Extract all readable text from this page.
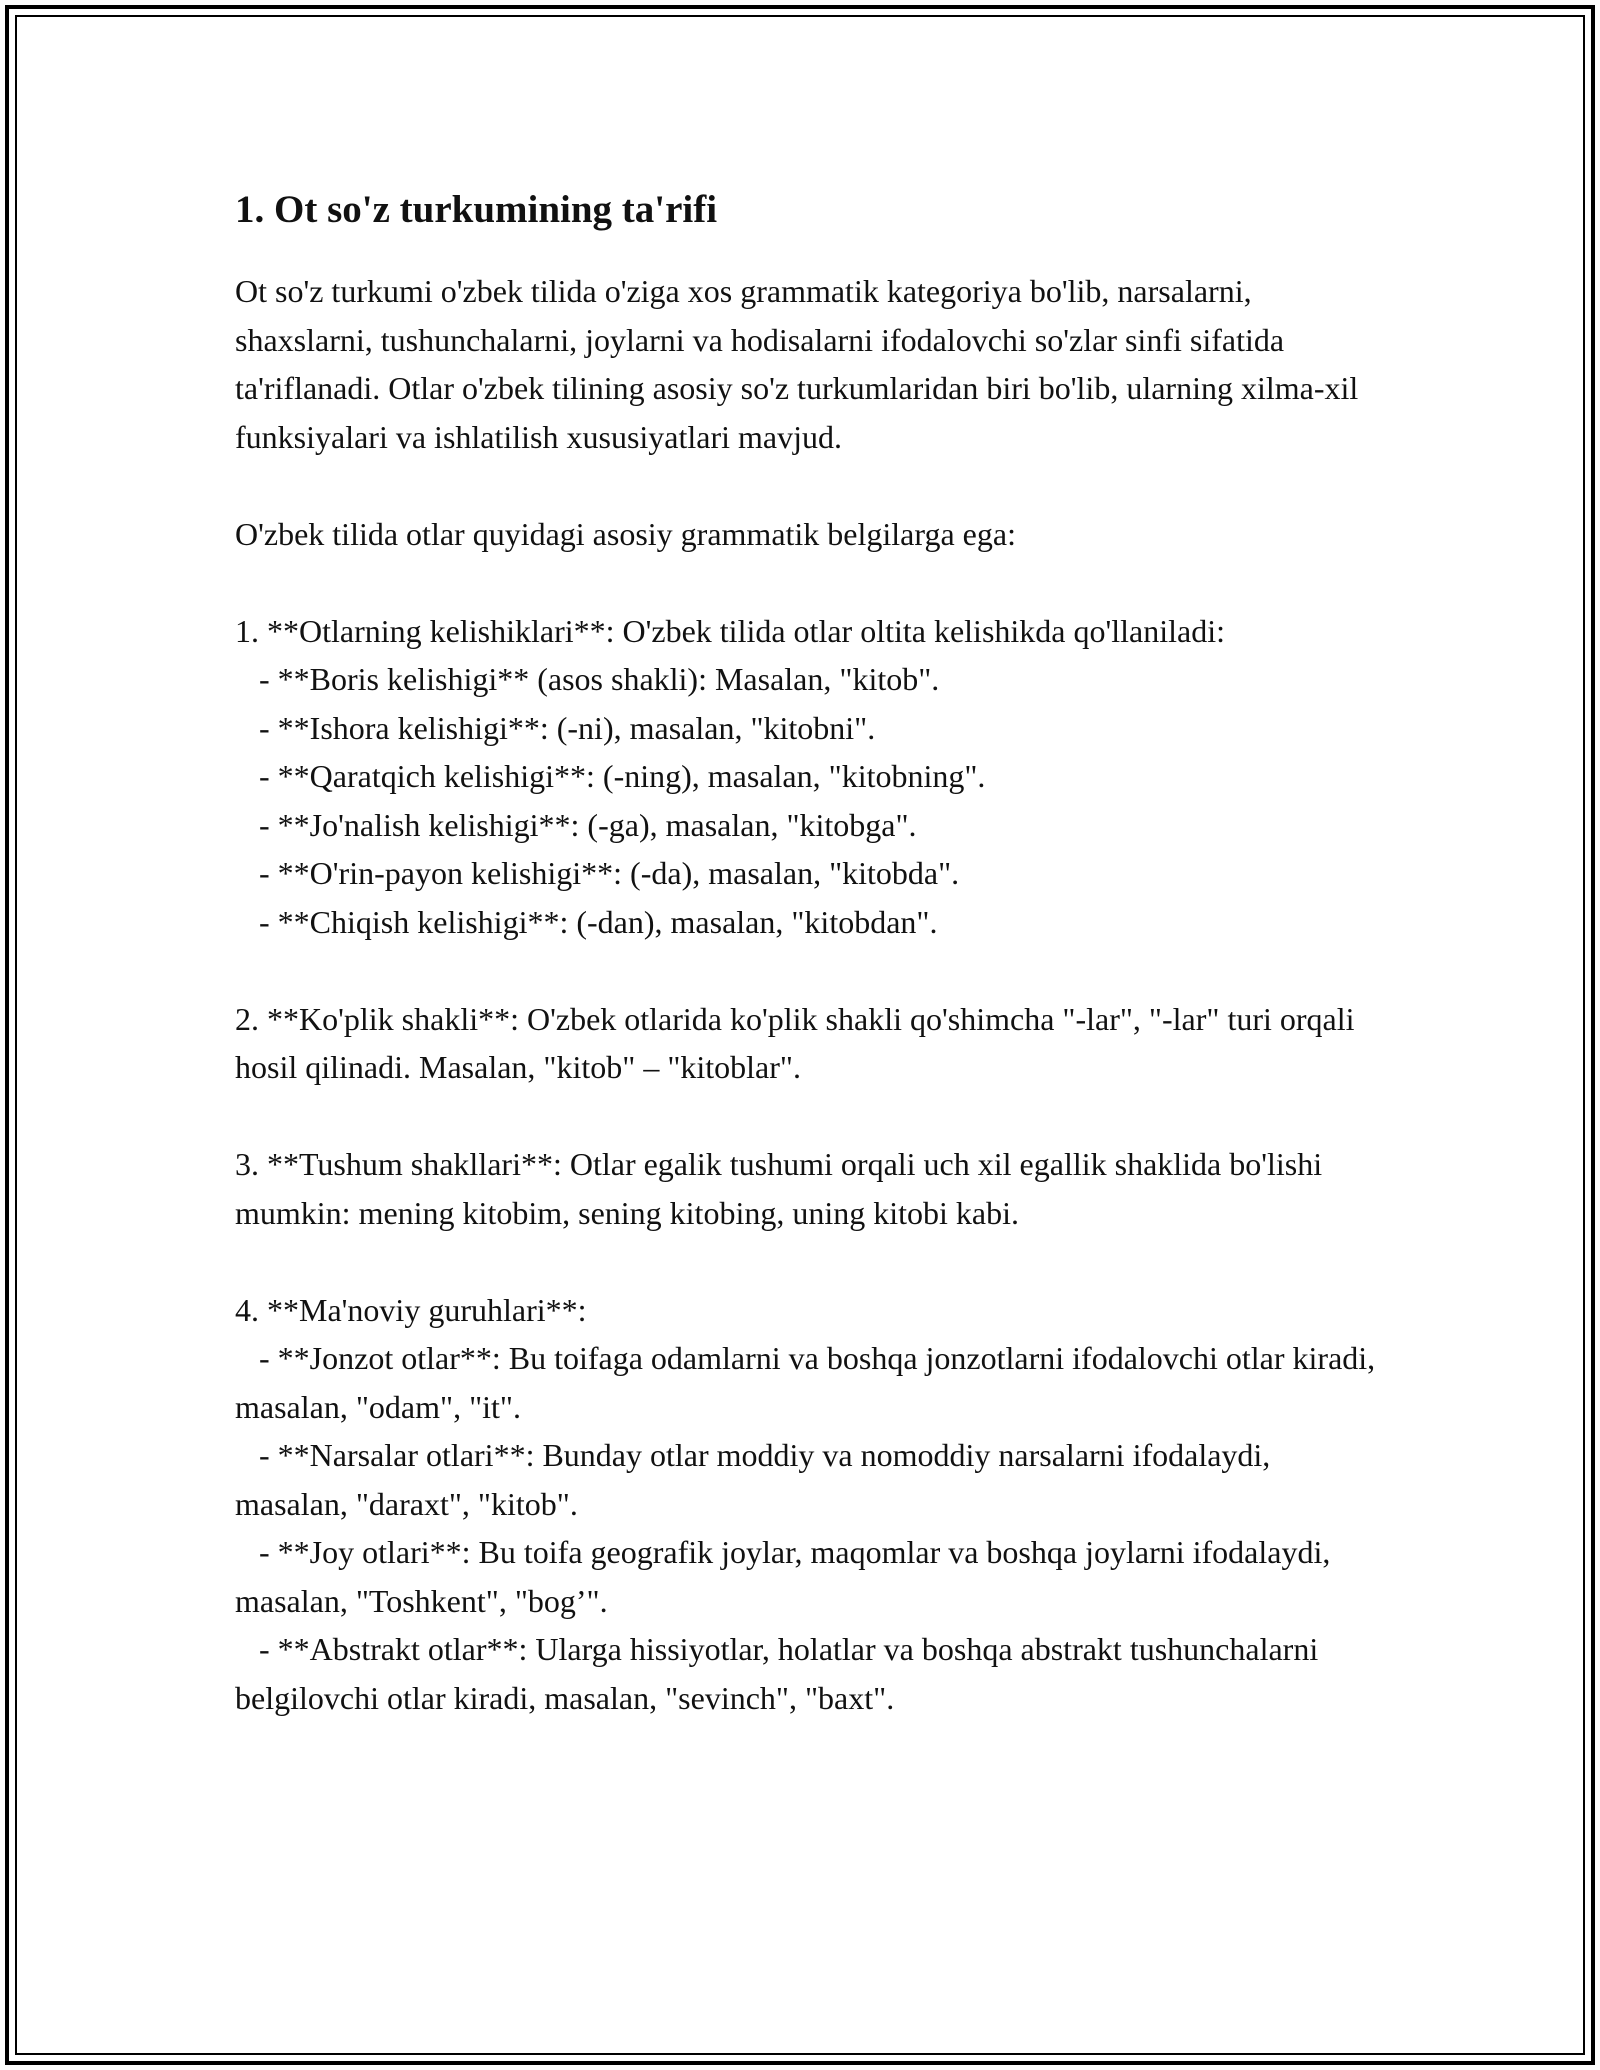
1. Ot so'z turkumining ta'rifi

Ot so'z turkumi o'zbek tilida o'ziga xos grammatik kategoriya bo'lib, narsalarni, shaxslarni, tushunchalarni, joylarni va hodisalarni ifodalovchi so'zlar sinfi sifatida ta'riflanadi. Otlar o'zbek tilining asosiy so'z turkumlaridan biri bo'lib, ularning xilma-xil funksiyalari va ishlatilish xususiyatlari mavjud.

O'zbek tilida otlar quyidagi asosiy grammatik belgilarga ega:

1. **Otlarning kelishiklari**: O'zbek tilida otlar oltita kelishikda qo'llaniladi:

- **Boris kelishigi** (asos shakli): Masalan, "kitob".

- **Ishora kelishigi**: (-ni), masalan, "kitobni".

- **Qaratqich kelishigi**: (-ning), masalan, "kitobning".

- **Jo'nalish kelishigi**: (-ga), masalan, "kitobga".

- **O'rin-payon kelishigi**: (-da), masalan, "kitobda".

- **Chiqish kelishigi**: (-dan), masalan, "kitobdan".

2. **Ko'plik shakli**: O'zbek otlarida ko'plik shakli qo'shimcha "-lar", "-lar" turi orqali hosil qilinadi. Masalan, "kitob" – "kitoblar".

3. **Tushum shakllari**: Otlar egalik tushumi orqali uch xil egallik shaklida bo'lishi mumkin: mening kitobim, sening kitobing, uning kitobi kabi.

4. **Ma'noviy guruhlari**:

- **Jonzot otlar**: Bu toifaga odamlarni va boshqa jonzotlarni ifodalovchi otlar kiradi, masalan, "odam", "it".

- **Narsalar otlari**: Bunday otlar moddiy va nomoddiy narsalarni ifodalaydi, masalan, "daraxt", "kitob".

- **Joy otlari**: Bu toifa geografik joylar, maqomlar va boshqa joylarni ifodalaydi, masalan, "Toshkent", "bog’".

- **Abstrakt otlar**: Ularga hissiyotlar, holatlar va boshqa abstrakt tushunchalarni belgilovchi otlar kiradi, masalan, "sevinch", "baxt".
